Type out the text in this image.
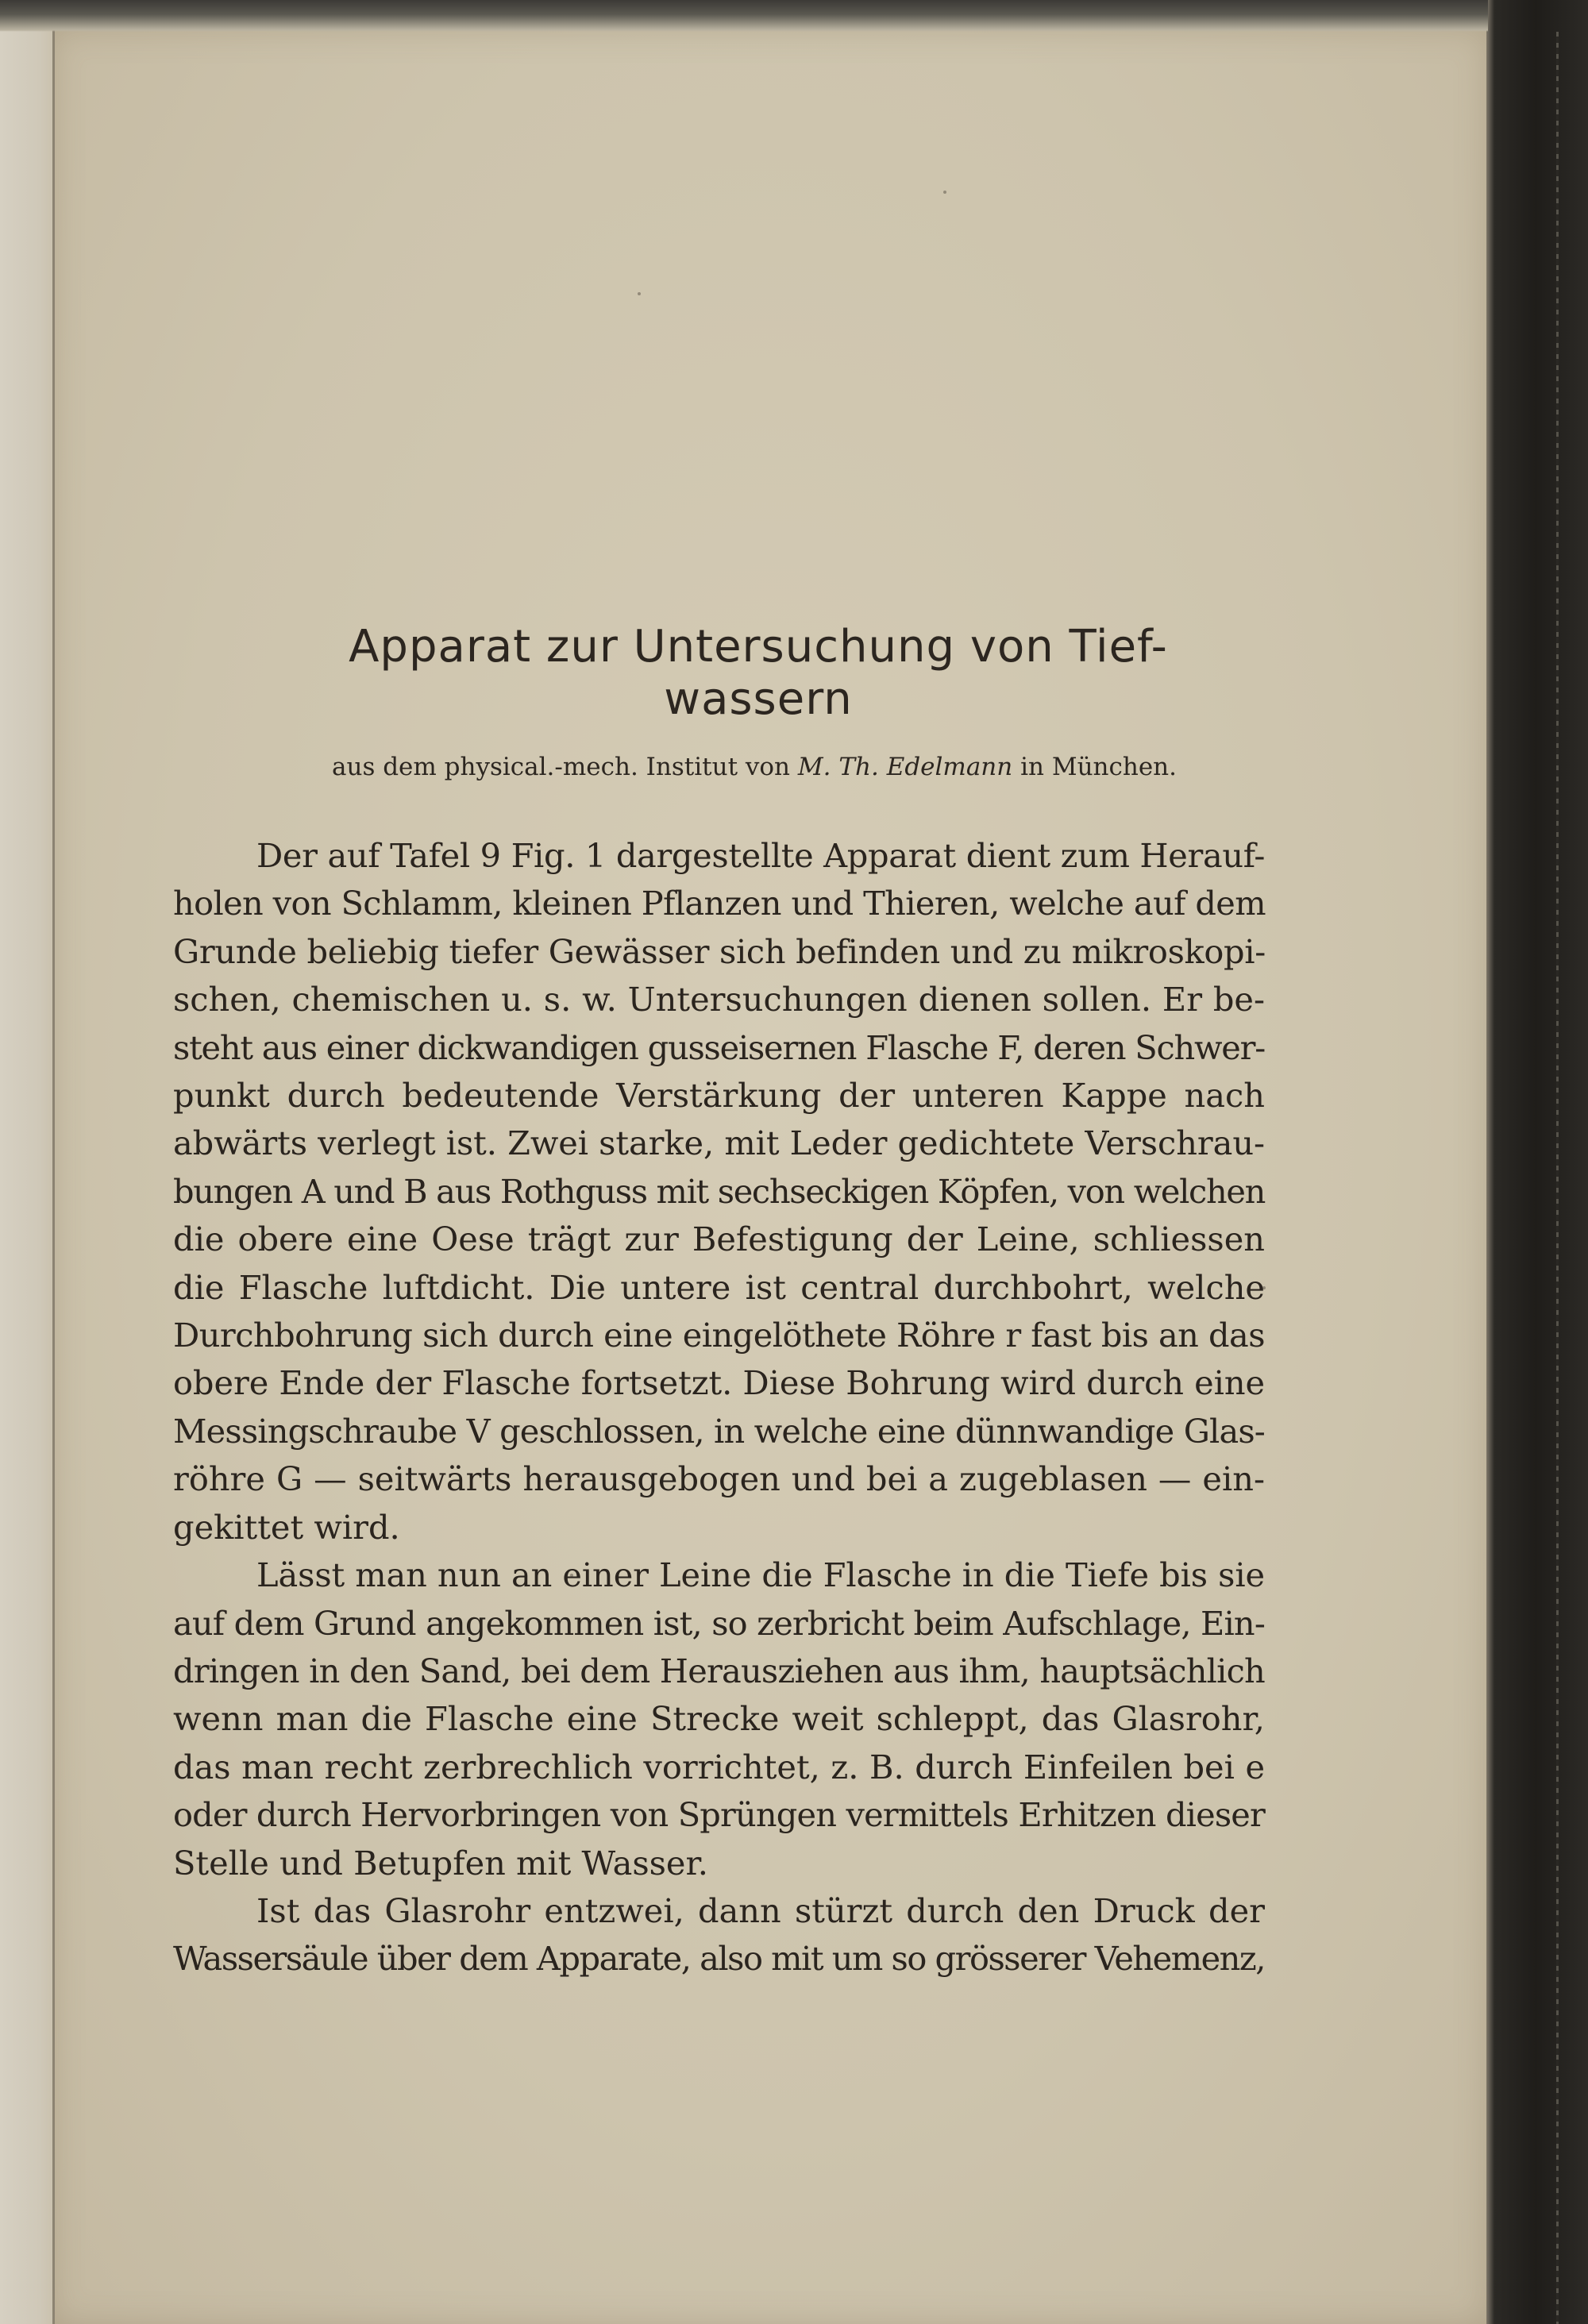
Apparat zur Untersuchung von Tief-
wassern
aus dem physical.-mech. Institut von M. Th. Edelmann in München.
Der auf Tafel 9 Fig. 1 dargestellte Apparat dient zum Herauf-
holen von Schlamm, kleinen Pflanzen und Thieren, welche auf dem
Grunde beliebig tiefer Gewässer sich befinden und zu mikroskopi-
schen, chemischen u. s. w. Untersuchungen dienen sollen. Er be-
steht aus einer dickwandigen gusseisernen Flasche F, deren Schwer-
punkt durch bedeutende Verstärkung der unteren Kappe nach
abwärts verlegt ist. Zwei starke, mit Leder gedichtete Verschrau-
bungen A und B aus Rothguss mit sechseckigen Köpfen, von welchen
die obere eine Oese trägt zur Befestigung der Leine, schliessen
die Flasche luftdicht. Die untere ist central durchbohrt, welche
Durchbohrung sich durch eine eingelöthete Röhre r fast bis an das
obere Ende der Flasche fortsetzt. Diese Bohrung wird durch eine
Messingschraube V geschlossen, in welche eine dünnwandige Glas-
röhre G — seitwärts herausgebogen und bei a zugeblasen — ein-
gekittet wird.
Lässt man nun an einer Leine die Flasche in die Tiefe bis sie
auf dem Grund angekommen ist, so zerbricht beim Aufschlage, Ein-
dringen in den Sand, bei dem Herausziehen aus ihm, hauptsächlich
wenn man die Flasche eine Strecke weit schleppt, das Glasrohr,
das man recht zerbrechlich vorrichtet, z. B. durch Einfeilen bei e
oder durch Hervorbringen von Sprüngen vermittels Erhitzen dieser
Stelle und Betupfen mit Wasser.
Ist das Glasrohr entzwei, dann stürzt durch den Druck der
Wassersäule über dem Apparate, also mit um so grösserer Vehemenz,
